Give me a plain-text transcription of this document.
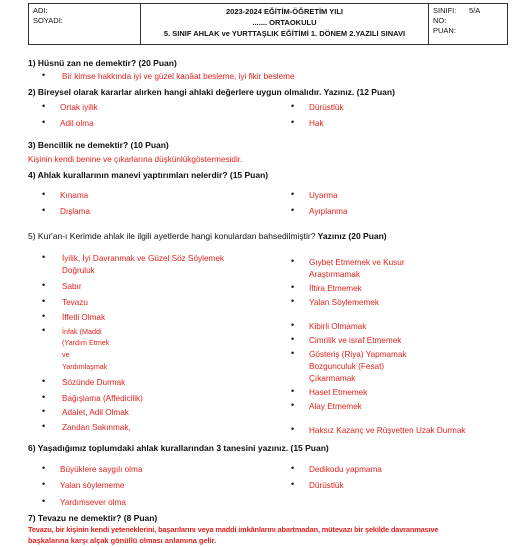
ADI:
SOYADI:
2023-2024 EĞİTİM-ÖĞRETİM YILI
....... ORTAOKULU
5. SINIF AHLAK ve YURTTAŞLIK EĞİTİMİ 1. DÖNEM 2.YAZILI SINAVI
SINIFI:	5/A
NO:
PUAN:
1) Hüsnü zan ne demektir? (20 Puan)
• Bir kimse hakkında iyi ve güzel kanâat besleme, iyi fikir besleme
2) Bireysel olarak kararlar alırken hangi ahlaki değerlere uygun olmalıdır. Yazınız. (12 Puan)
• Ortak iyilik
• Adil olma
• Dürüstlük
• Hak
3) Bencillik ne demektir? (10 Puan)
Kişinin kendi benine ve çıkarlarına düşkünlükgöstermesidir.
4) Ahlak kurallarının manevi yaptırımları nelerdir? (15 Puan)
• Kınama
• Dışlama
• Uyarma
• Ayıplanma
5) Kur'an-ı Kerimde ahlak ile ilgili ayetlerde hangi konulardan bahsedilmiştir? Yazınız (20 Puan)
• İyilik, İyi Davranmak ve Güzel Söz Söylemek
Doğruluk
• Sabır
• Tevazu
• İffetli Olmak
• İnfak (Maddi
(Yardım Etmek
ve
Yardımlaşmak
• Sözünde Durmak
• Bağışlama (Affedicilik)
• Adalet, Adil Olmak
• Zandan Sakınmak,
• Gıybet Etmemek ve Kusur
Araştırmamak
• İftira Etmemek
• Yalan Söylememek
• Kibirli Olmamak
• Cimrilik ve israf Etmemek
• Gösteriş (Riya) Yapmamak
Bozgunculuk (Fesat)
Çıkarmamak
• Haset Etmemek
• Alay Etmemek
• Haksız Kazanç ve Rüşvetten Uzak Durmak
6) Yaşadığımız toplumdaki ahlak kurallarından 3 tanesini yazınız. (15 Puan)
• Büyüklere saygılı olma
• Yalan söylememe
• Yardımsever olma
• Dedikodu yapmama
• Dürüstlük
7) Tevazu ne demektir? (8 Puan)
Tevazu, bir kişinin kendi yeteneklerini, başarılarını veya maddi imkânlarını abartmadan, mütevazı bir şekilde davranmasıve
başkalarına karşı alçak gönüllü olması anlamına gelir.
